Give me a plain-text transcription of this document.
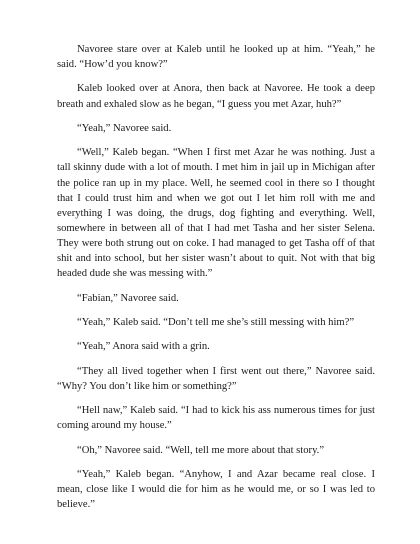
Navoree stare over at Kaleb until he looked up at him. “Yeah,” he said. “How’d you know?”

Kaleb looked over at Anora, then back at Navoree. He took a deep breath and exhaled slow as he began, “I guess you met Azar, huh?”

“Yeah,” Navoree said.

“Well,” Kaleb began. “When I first met Azar he was nothing. Just a tall skinny dude with a lot of mouth. I met him in jail up in Michigan after the police ran up in my place. Well, he seemed cool in there so I thought that I could trust him and when we got out I let him roll with me and everything I was doing, the drugs, dog fighting and everything. Well, somewhere in between all of that I had met Tasha and her sister Selena. They were both strung out on coke. I had managed to get Tasha off of that shit and into school, but her sister wasn’t about to quit. Not with that big headed dude she was messing with.”

“Fabian,” Navoree said.

“Yeah,” Kaleb said. “Don’t tell me she’s still messing with him?”

“Yeah,” Anora said with a grin.

“They all lived together when I first went out there,” Navoree said. “Why? You don’t like him or something?”

“Hell naw,” Kaleb said. “I had to kick his ass numerous times for just coming around my house.”

“Oh,” Navoree said. “Well, tell me more about that story.”

“Yeah,” Kaleb began. “Anyhow, I and Azar became real close. I mean, close like I would die for him as he would me, or so I was led to believe.”
